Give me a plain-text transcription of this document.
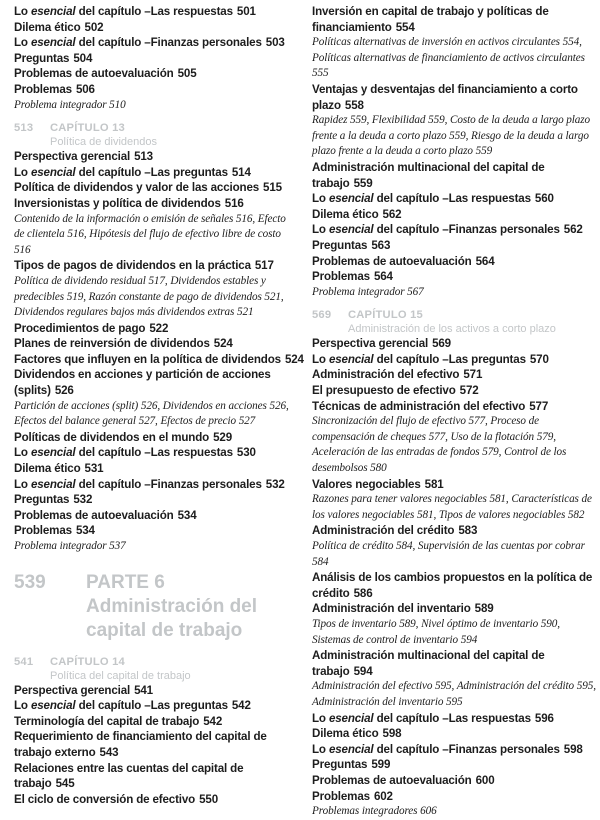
Lo esencial del capítulo –Las respuestas 501
Dilema ético 502
Lo esencial del capítulo –Finanzas personales 503
Preguntas 504
Problemas de autoevaluación 505
Problemas 506
Problema integrador 510
513 CAPÍTULO 13
Política de dividendos
Perspectiva gerencial 513
Lo esencial del capítulo –Las preguntas 514
Política de dividendos y valor de las acciones 515
Inversionistas y política de dividendos 516
Contenido de la información o emisión de señales 516, Efecto de clientela 516, Hipótesis del flujo de efectivo libre de costo 516
Tipos de pagos de dividendos en la práctica 517
Política de dividendo residual 517, Dividendos estables y predecibles 519, Razón constante de pago de dividendos 521, Dividendos regulares bajos más dividendos extras 521
Procedimientos de pago 522
Planes de reinversión de dividendos 524
Factores que influyen en la política de dividendos 524
Dividendos en acciones y partición de acciones (splits) 526
Partición de acciones (split) 526, Dividendos en acciones 526, Efectos del balance general 527, Efectos de precio 527
Políticas de dividendos en el mundo 529
Lo esencial del capítulo –Las respuestas 530
Dilema ético 531
Lo esencial del capítulo –Finanzas personales 532
Preguntas 532
Problemas de autoevaluación 534
Problemas 534
Problema integrador 537
539 PARTE 6
Administración del capital de trabajo
541 CAPÍTULO 14
Política del capital de trabajo
Perspectiva gerencial 541
Lo esencial del capítulo –Las preguntas 542
Terminología del capital de trabajo 542
Requerimiento de financiamiento del capital de trabajo externo 543
Relaciones entre las cuentas del capital de trabajo 545
El ciclo de conversión de efectivo 550
Inversión en capital de trabajo y políticas de financiamiento 554
Políticas alternativas de inversión en activos circulantes 554, Políticas alternativas de financiamiento de activos circulantes 555
Ventajas y desventajas del financiamiento a corto plazo 558
Rapidez 559, Flexibilidad 559, Costo de la deuda a largo plazo frente a la deuda a corto plazo 559, Riesgo de la deuda a largo plazo frente a la deuda a corto plazo 559
Administración multinacional del capital de trabajo 559
Lo esencial del capítulo –Las respuestas 560
Dilema ético 562
Lo esencial del capítulo –Finanzas personales 562
Preguntas 563
Problemas de autoevaluación 564
Problemas 564
Problema integrador 567
569 CAPÍTULO 15
Administración de los activos a corto plazo
Perspectiva gerencial 569
Lo esencial del capítulo –Las preguntas 570
Administración del efectivo 571
El presupuesto de efectivo 572
Técnicas de administración del efectivo 577
Sincronización del flujo de efectivo 577, Proceso de compensación de cheques 577, Uso de la flotación 579, Aceleración de las entradas de fondos 579, Control de los desembolsos 580
Valores negociables 581
Razones para tener valores negociables 581, Características de los valores negociables 581, Tipos de valores negociables 582
Administración del crédito 583
Política de crédito 584, Supervisión de las cuentas por cobrar 584
Análisis de los cambios propuestos en la política de crédito 586
Administración del inventario 589
Tipos de inventario 589, Nivel óptimo de inventario 590, Sistemas de control de inventario 594
Administración multinacional del capital de trabajo 594
Administración del efectivo 595, Administración del crédito 595, Administración del inventario 595
Lo esencial del capítulo –Las respuestas 596
Dilema ético 598
Lo esencial del capítulo –Finanzas personales 598
Preguntas 599
Problemas de autoevaluación 600
Problemas 602
Problemas integradores 606
